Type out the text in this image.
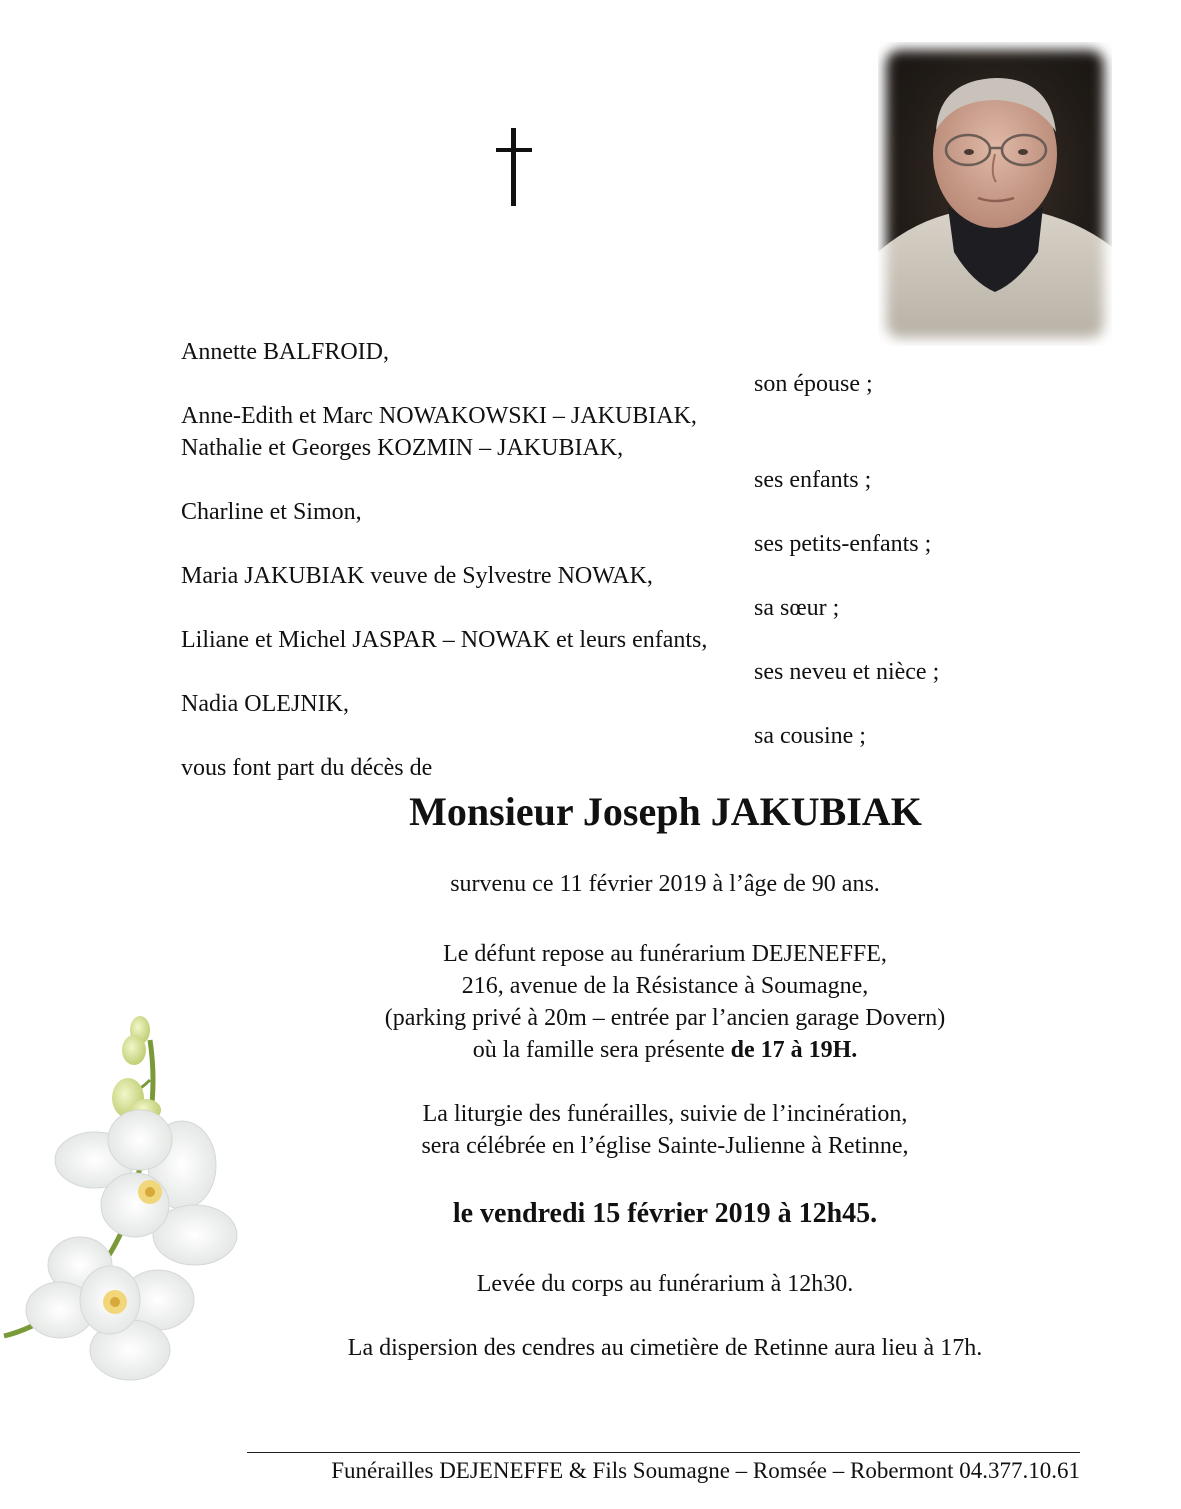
Annette BALFROID,
son épouse ;
Anne-Edith et Marc NOWAKOWSKI – JAKUBIAK,
Nathalie et Georges KOZMIN – JAKUBIAK,
ses enfants ;
Charline et Simon,
ses petits-enfants ;
Maria JAKUBIAK veuve de Sylvestre NOWAK,
sa sœur ;
Liliane et Michel JASPAR – NOWAK et leurs enfants,
ses neveu et nièce ;
Nadia OLEJNIK,
sa cousine ;
vous font part du décès de
Monsieur Joseph JAKUBIAK
survenu ce 11 février 2019 à l’âge de 90 ans.
Le défunt repose au funérarium DEJENEFFE,
216, avenue de la Résistance à Soumagne,
(parking privé à 20m – entrée par l’ancien garage Dovern)
où la famille sera présente de 17 à 19H.
La liturgie des funérailles, suivie de l’incinération,
sera célébrée en l’église Sainte-Julienne à Retinne,
le vendredi 15 février 2019 à 12h45.
Levée du corps au funérarium à 12h30.
La dispersion des cendres au cimetière de Retinne aura lieu à 17h.
Funérailles DEJENEFFE & Fils Soumagne – Romsée – Robermont 04.377.10.61
